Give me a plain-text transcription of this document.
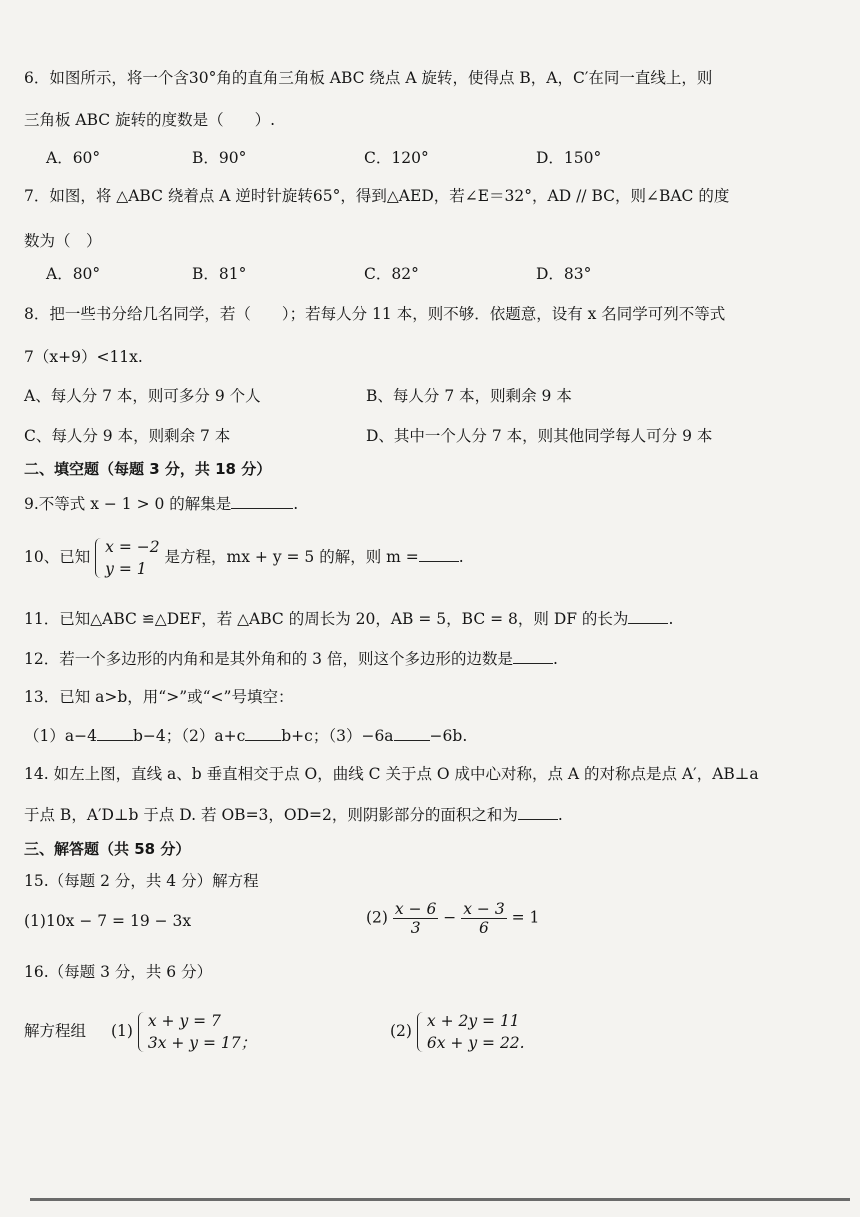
6．如图所示，将一个含30°角的直角三角板 ABC 绕点 A 旋转，使得点 B，A，C′在同一直线上，则
三角板 ABC 旋转的度数是（　　）.
A．60°	B．90°	C．120°	D．150°
7．如图，将 △ABC 绕着点 A 逆时针旋转65°，得到△AED，若∠E＝32°，AD // BC，则∠BAC 的度
数为（　）
A．80°	B．81°	C．82°	D．83°
8．把一些书分给几名同学，若（　　）；若每人分 11 本，则不够．依题意，设有 x 名同学可列不等式
7（x+9）<11x.
A、每人分 7 本，则可多分 9 个人	B、每人分 7 本，则剩余 9 本
C、每人分 9 本，则剩余 7 本	D、其中一个人分 7 本，则其他同学每人可分 9 本
二、填空题（每题 3 分，共 18 分）
9.不等式 x − 1 > 0 的解集是	.
10、已知
x = −2
y = 1
是方程，mx + y = 5 的解，则 m =	.
11．已知△ABC ≌△DEF，若 △ABC 的周长为 20，AB = 5，BC = 8，则 DF 的长为	.
12．若一个多边形的内角和是其外角和的 3 倍，则这个多边形的边数是	.
13．已知 a>b，用“>”或“<”号填空：
（1）a−4 b−4；（2）a+c b+c；（3）−6a −6b.
14. 如左上图，直线 a、b 垂直相交于点 O，曲线 C 关于点 O 成中心对称，点 A 的对称点是点 A′，AB⊥a
于点 B，A′D⊥b 于点 D. 若 OB=3，OD=2，则阴影部分的面积之和为	.
三、解答题（共 58 分）
15.（每题 2 分，共 4 分）解方程
(1)10x − 7 = 19 − 3x	$(2) \frac{x - 6}{3} - \frac{x - 3}{6} = 1$
16.（每题 3 分，共 6 分）
解方程组 (1)
x + y = 7
3x + y = 17；
(2)
x + 2y = 11
6x + y = 22.
